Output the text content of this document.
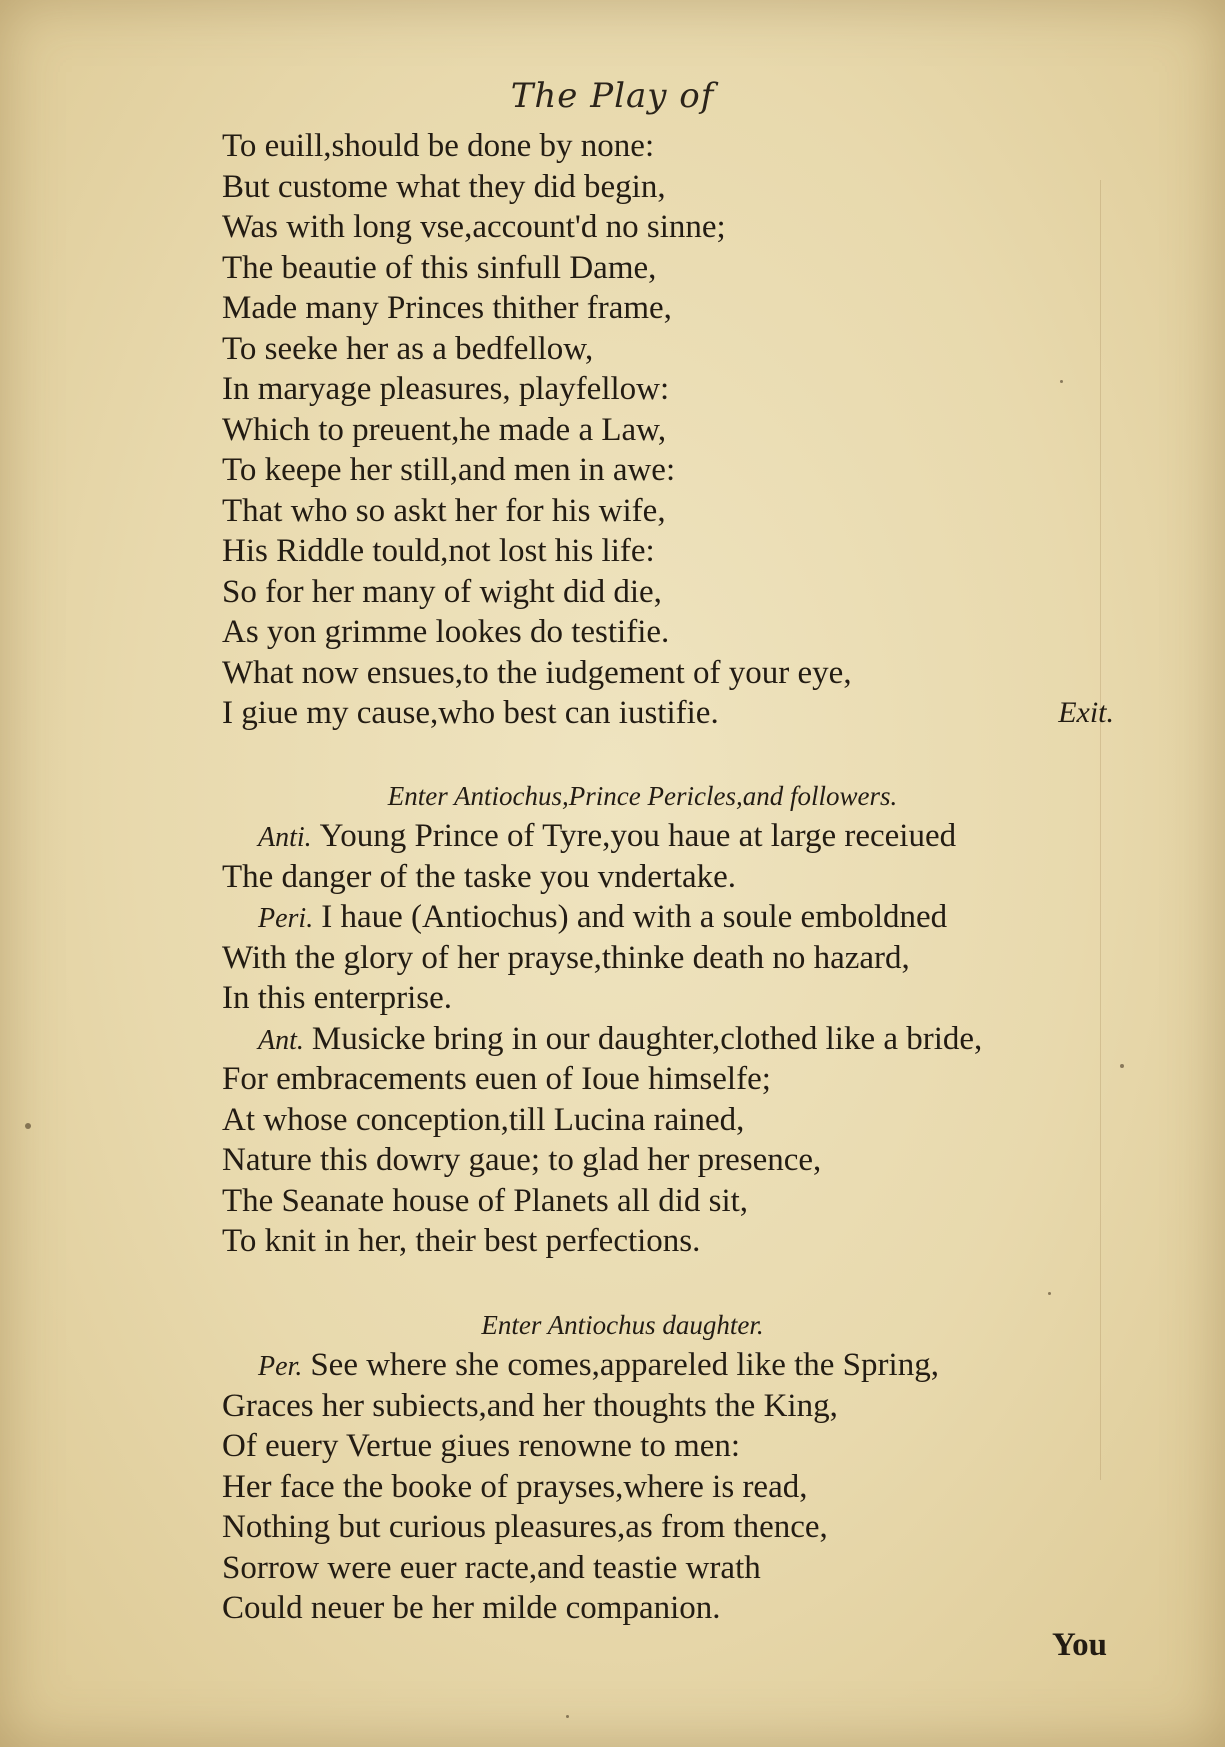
The Play of
To euill,should be done by none:
But custome what they did begin,
Was with long vse,account'd no sinne;
The beautie of this sinfull Dame,
Made many Princes thither frame,
To seeke her as a bedfellow,
In maryage pleasures, playfellow:
Which to preuent,he made a Law,
To keepe her still,and men in awe:
That who so askt her for his wife,
His Riddle tould,not lost his life:
So for her many of wight did die,
As yon grimme lookes do testifie.
What now ensues,to the iudgement of your eye,
I giue my cause,who best can iustifie.	Exit.
Enter Antiochus,Prince Pericles,and followers.
Anti. Young Prince of Tyre,you haue at large receiued
The danger of the taske you vndertake.
Peri. I haue (Antiochus) and with a soule emboldned
With the glory of her prayse,thinke death no hazard,
In this enterprise.
Ant. Musicke bring in our daughter,clothed like a bride,
For embracements euen of Ioue himselfe;
At whose conception,till Lucina rained,
Nature this dowry gaue; to glad her presence,
The Seanate house of Planets all did sit,
To knit in her, their best perfections.
Enter Antiochus daughter.
Per. See where she comes,appareled like the Spring,
Graces her subiects,and her thoughts the King,
Of euery Vertue giues renowne to men:
Her face the booke of prayses,where is read,
Nothing but curious pleasures,as from thence,
Sorrow were euer racte,and teastie wrath
Could neuer be her milde companion.
You
